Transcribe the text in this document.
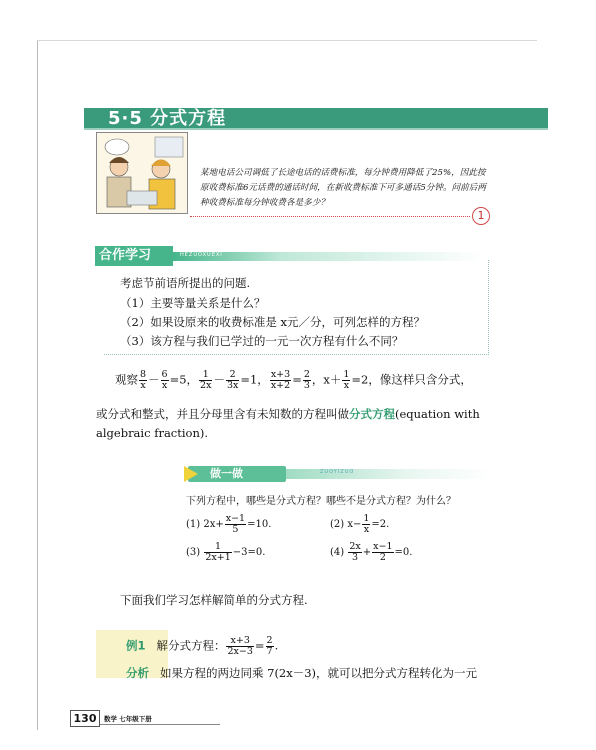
5·5 分式方程
某地电话公司调低了长途电话的话费标准，每分钟费用降低了25%，因此按原收费标准6元话费的通话时间，在新收费标准下可多通话5分钟。问前后两种收费标准每分钟收费各是多少？
1
合作学习	HEZUOXUEXI
考虑节前语所提出的问题.
（1）主要等量关系是什么？
（2）如果设原来的收费标准是 x元／分，可列怎样的方程？
（3）该方程与我们已学过的一元一次方程有什么不同？
观察 $\frac{8}{x} - \frac{6}{x} =5$， $\frac{1}{2x} - \frac{2}{3x} =1$， $\frac{x+3}{x+2} = \frac{2}{3}$ ，$x+ \frac{1}{x} =2$，像这样只含分式，
或分式和整式，并且分母里含有未知数的方程叫做分式方程(equation with
algebraic fraction).
ZUOYIZUO
做一做
下列方程中，哪些是分式方程？哪些不是分式方程？为什么？
(1) $2x+ \frac{x-1}{5} =10$.	(2) $x- \frac{1}{x} =2$.
$(3) \frac{1}{2x+1} -3=0$.	$(4) \frac{2x}{3} + \frac{x-1}{2} =0$.
下面我们学习怎样解简单的分式方程.
例1 解分式方程： $\frac{x+3}{2x-3} = \frac{2}{7}$ .
分析 如果方程的两边同乘 7(2x－3)，就可以把分式方程转化为一元
130	数学 七年级下册
